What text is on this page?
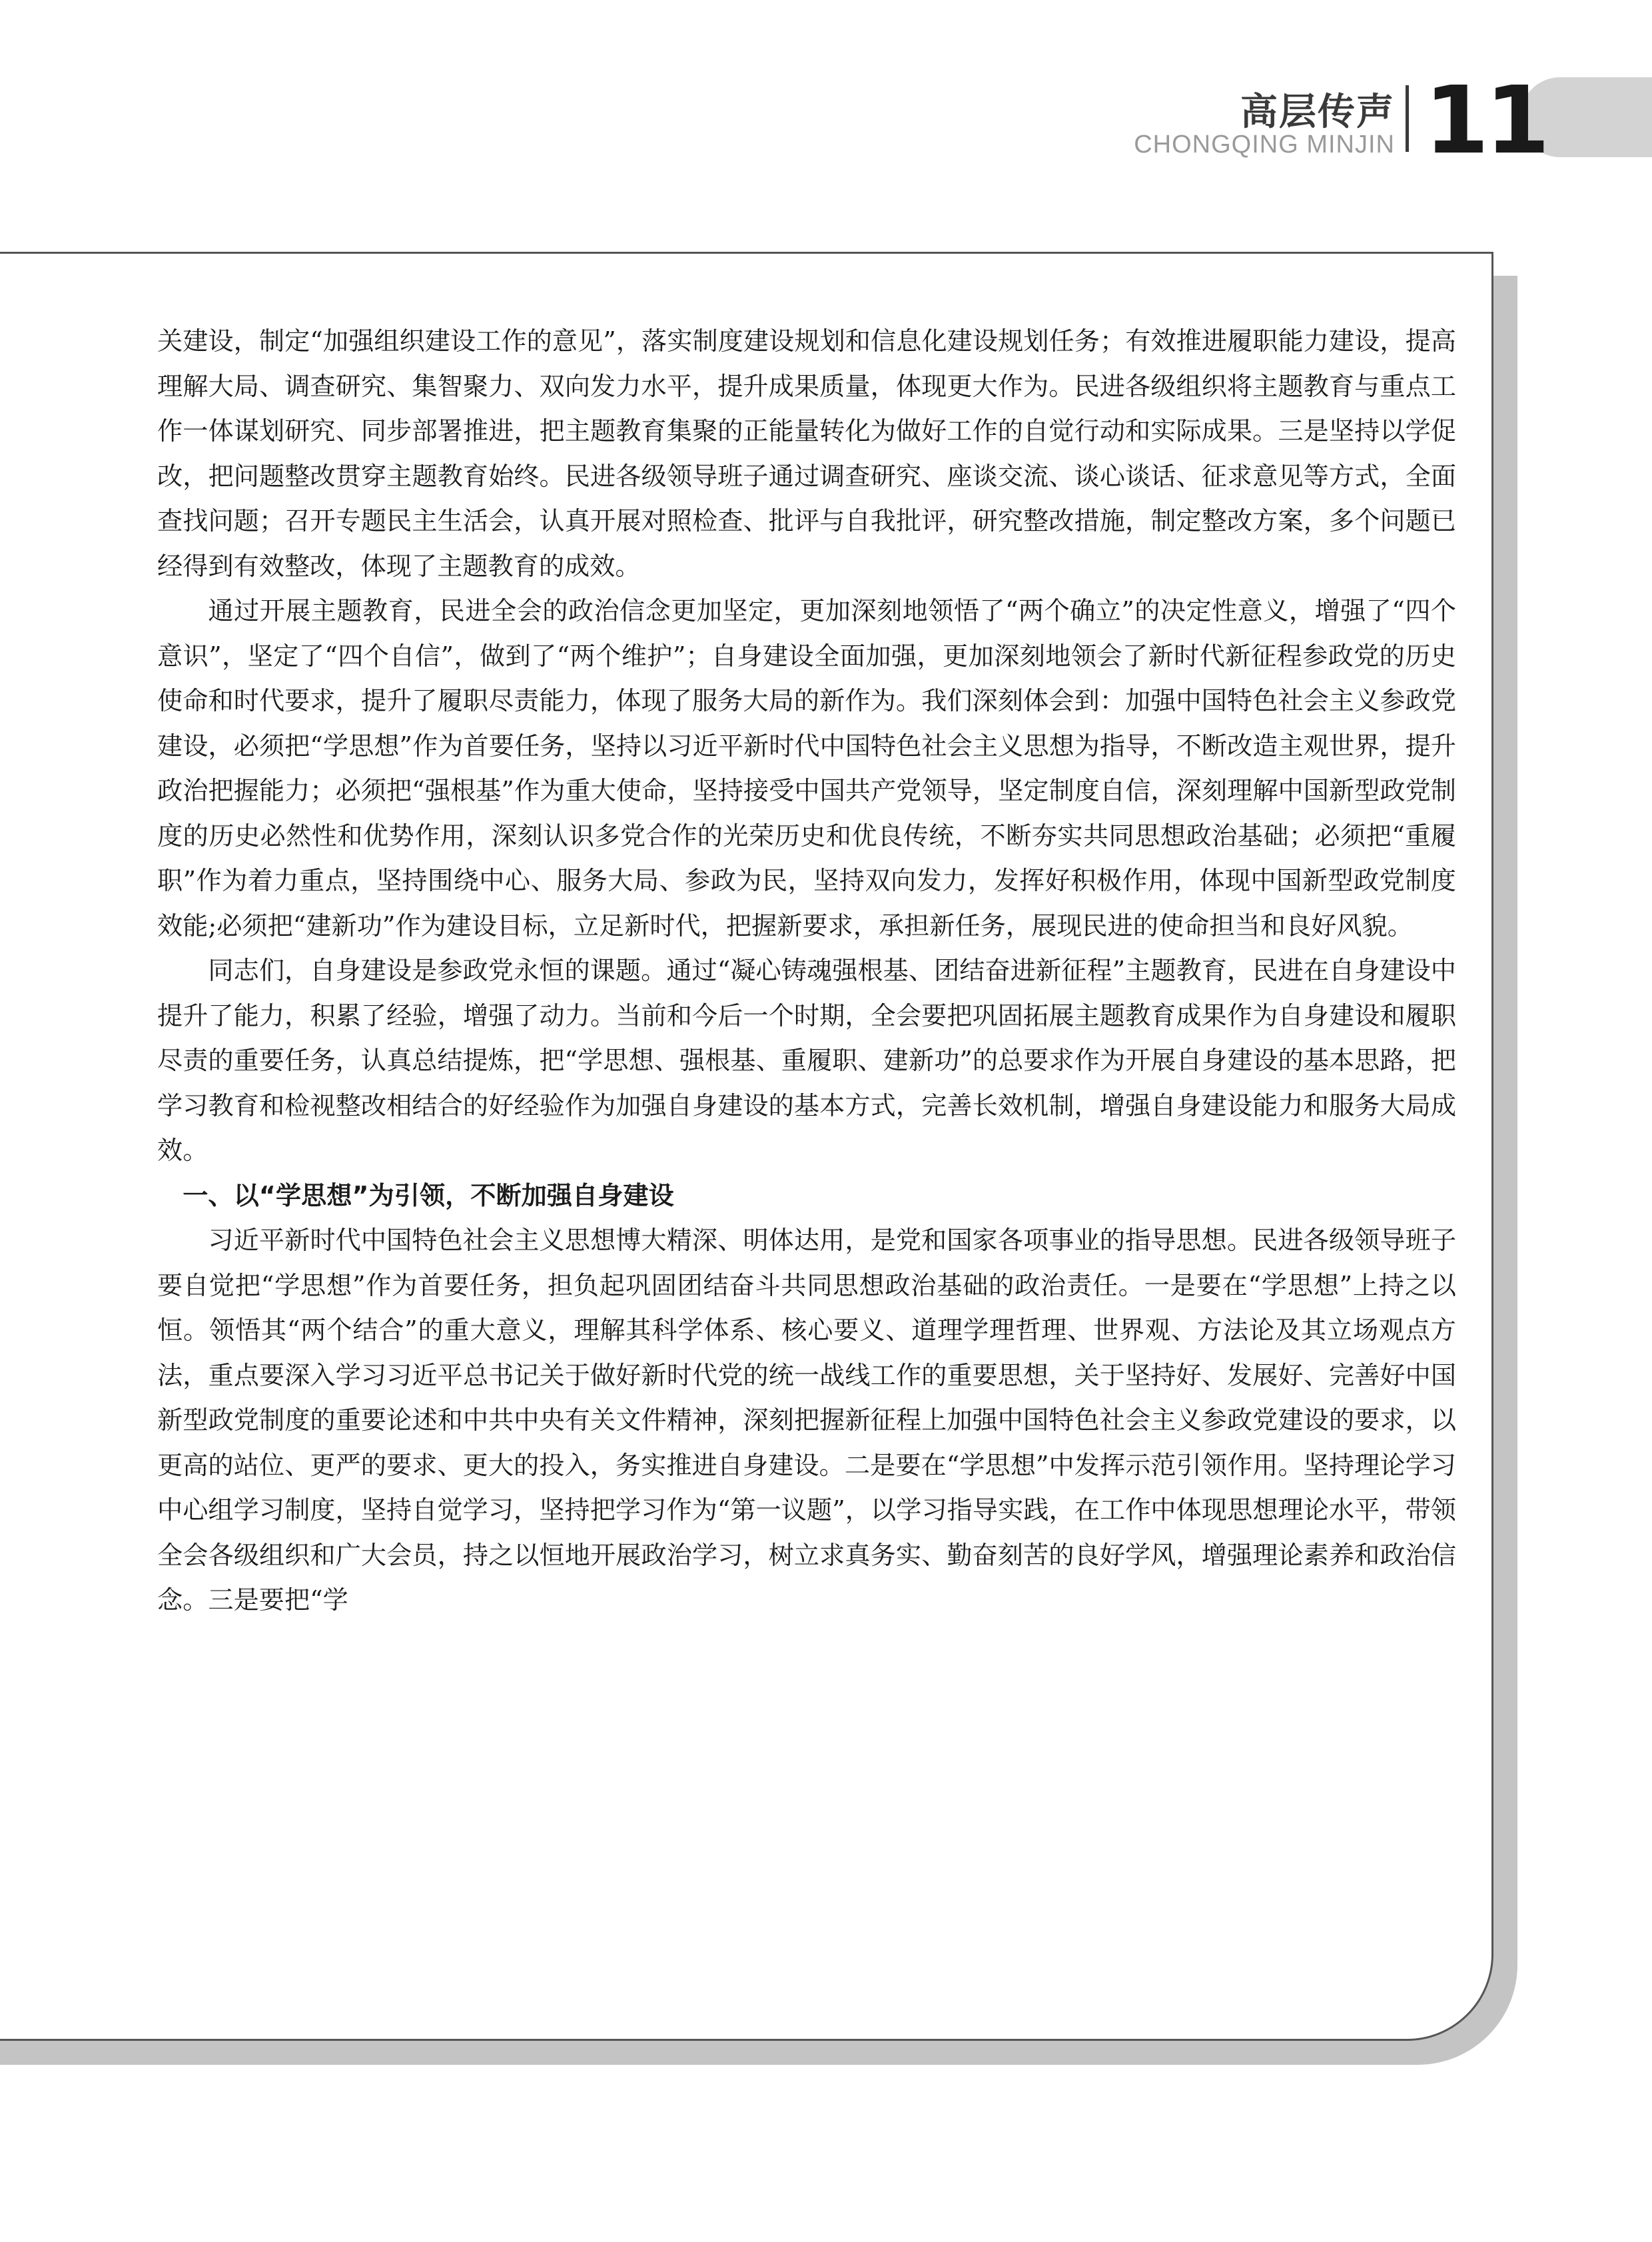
高层传声
CHONGQING MINJIN 11

关建设，制定“加强组织建设工作的意见”，落实制度建设规划和信息化建设规划任务；有效推进履职能力建设，提高理解大局、调查研究、集智聚力、双向发力水平，提升成果质量，体现更大作为。民进各级组织将主题教育与重点工作一体谋划研究、同步部署推进，把主题教育集聚的正能量转化为做好工作的自觉行动和实际成果。三是坚持以学促改，把问题整改贯穿主题教育始终。民进各级领导班子通过调查研究、座谈交流、谈心谈话、征求意见等方式，全面查找问题；召开专题民主生活会，认真开展对照检查、批评与自我批评，研究整改措施，制定整改方案，多个问题已经得到有效整改，体现了主题教育的成效。

通过开展主题教育，民进全会的政治信念更加坚定，更加深刻地领悟了“两个确立”的决定性意义，增强了“四个意识”，坚定了“四个自信”，做到了“两个维护”；自身建设全面加强，更加深刻地领会了新时代新征程参政党的历史使命和时代要求，提升了履职尽责能力，体现了服务大局的新作为。我们深刻体会到：加强中国特色社会主义参政党建设，必须把“学思想”作为首要任务，坚持以习近平新时代中国特色社会主义思想为指导，不断改造主观世界，提升政治把握能力；必须把“强根基”作为重大使命，坚持接受中国共产党领导，坚定制度自信，深刻理解中国新型政党制度的历史必然性和优势作用，深刻认识多党合作的光荣历史和优良传统，不断夯实共同思想政治基础；必须把“重履职”作为着力重点，坚持围绕中心、服务大局、参政为民，坚持双向发力，发挥好积极作用，体现中国新型政党制度效能;必须把“建新功”作为建设目标，立足新时代，把握新要求，承担新任务，展现民进的使命担当和良好风貌。

同志们，自身建设是参政党永恒的课题。通过“凝心铸魂强根基、团结奋进新征程”主题教育，民进在自身建设中提升了能力，积累了经验，增强了动力。当前和今后一个时期，全会要把巩固拓展主题教育成果作为自身建设和履职尽责的重要任务，认真总结提炼，把“学思想、强根基、重履职、建新功”的总要求作为开展自身建设的基本思路，把学习教育和检视整改相结合的好经验作为加强自身建设的基本方式，完善长效机制，增强自身建设能力和服务大局成效。

一、以“学思想”为引领，不断加强自身建设

习近平新时代中国特色社会主义思想博大精深、明体达用，是党和国家各项事业的指导思想。民进各级领导班子要自觉把“学思想”作为首要任务，担负起巩固团结奋斗共同思想政治基础的政治责任。一是要在“学思想”上持之以恒。领悟其“两个结合”的重大意义，理解其科学体系、核心要义、道理学理哲理、世界观、方法论及其立场观点方法，重点要深入学习习近平总书记关于做好新时代党的统一战线工作的重要思想，关于坚持好、发展好、完善好中国新型政党制度的重要论述和中共中央有关文件精神，深刻把握新征程上加强中国特色社会主义参政党建设的要求，以更高的站位、更严的要求、更大的投入，务实推进自身建设。二是要在“学思想”中发挥示范引领作用。坚持理论学习中心组学习制度，坚持自觉学习，坚持把学习作为“第一议题”，以学习指导实践，在工作中体现思想理论水平，带领全会各级组织和广大会员，持之以恒地开展政治学习，树立求真务实、勤奋刻苦的良好学风，增强理论素养和政治信念。三是要把“学
